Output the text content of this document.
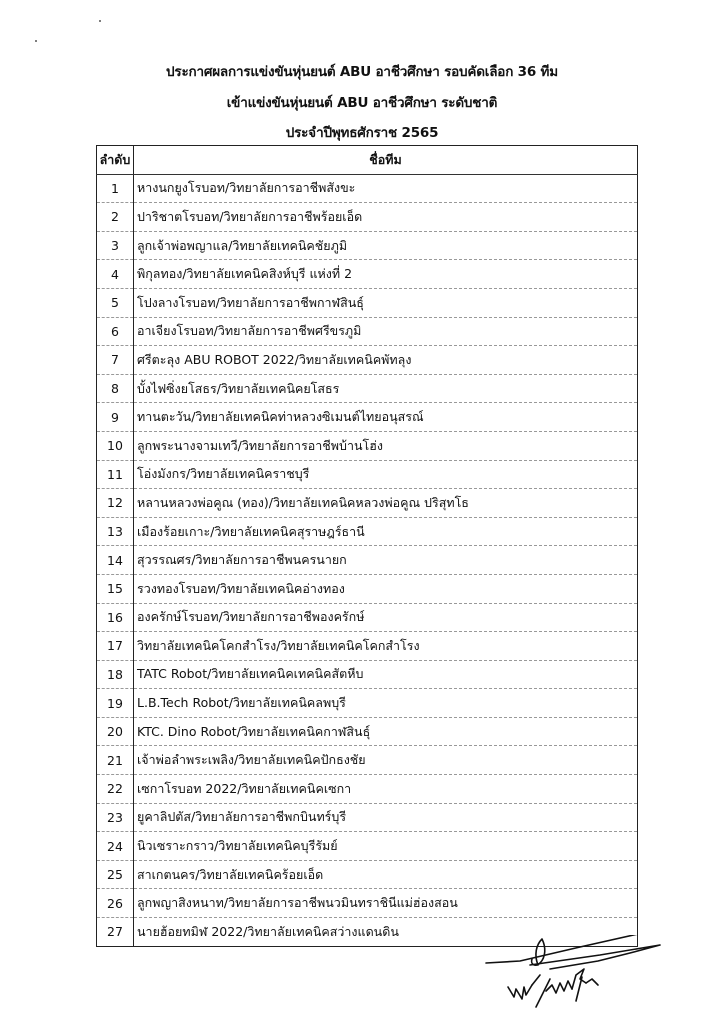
ประกาศผลการแข่งขันหุ่นยนต์ ABU อาชีวศึกษา รอบคัดเลือก 36 ทีม
เข้าแข่งขันหุ่นยนต์ ABU อาชีวศึกษา ระดับชาติ
ประจำปีพุทธศักราช 2565
ลำดับ	ชื่อทีม
1	หางนกยูงโรบอท/วิทยาลัยการอาชีพสังขะ
2	ปาริชาตโรบอท/วิทยาลัยการอาชีพร้อยเอ็ด
3	ลูกเจ้าพ่อพญาแล/วิทยาลัยเทคนิคชัยภูมิ
4	พิกุลทอง/วิทยาลัยเทคนิคสิงห์บุรี แห่งที่ 2
5	โปงลางโรบอท/วิทยาลัยการอาชีพกาฬสินธุ์
6	อาเจียงโรบอท/วิทยาลัยการอาชีพศรีขรภูมิ
7	ศรีตะลุง ABU ROBOT 2022/วิทยาลัยเทคนิคพัทลุง
8	บั้งไฟซิ่งยโสธร/วิทยาลัยเทคนิคยโสธร
9	ทานตะวัน/วิทยาลัยเทคนิคท่าหลวงซิเมนต์ไทยอนุสรณ์
10	ลูกพระนางจามเทวี/วิทยาลัยการอาชีพบ้านโฮ่ง
11	โอ่งมังกร/วิทยาลัยเทคนิคราชบุรี
12	หลานหลวงพ่อคูณ (ทอง)/วิทยาลัยเทคนิคหลวงพ่อคูณ ปริสุทโธ
13	เมืองร้อยเกาะ/วิทยาลัยเทคนิคสุราษฎร์ธานี
14	สุวรรณศร/วิทยาลัยการอาชีพนครนายก
15	รวงทองโรบอท/วิทยาลัยเทคนิคอ่างทอง
16	องครักษ์โรบอท/วิทยาลัยการอาชีพองครักษ์
17	วิทยาลัยเทคนิคโคกสำโรง/วิทยาลัยเทคนิคโคกสำโรง
18	TATC Robot/วิทยาลัยเทคนิคเทคนิคสัตหีบ
19	L.B.Tech Robot/วิทยาลัยเทคนิคลพบุรี
20	KTC. Dino Robot/วิทยาลัยเทคนิคกาฬสินธุ์
21	เจ้าพ่อลำพระเพลิง/วิทยาลัยเทคนิคปักธงชัย
22	เซกาโรบอท 2022/วิทยาลัยเทคนิคเซกา
23	ยูคาลิปตัส/วิทยาลัยการอาชีพกบินทร์บุรี
24	นิวเซราะกราว/วิทยาลัยเทคนิคบุรีรัมย์
25	สาเกตนคร/วิทยาลัยเทคนิคร้อยเอ็ด
26	ลูกพญาสิงหนาท/วิทยาลัยการอาชีพนวมินทราชินีแม่ฮ่องสอน
27	นายฮ้อยทมิฬ 2022/วิทยาลัยเทคนิคสว่างแดนดิน
